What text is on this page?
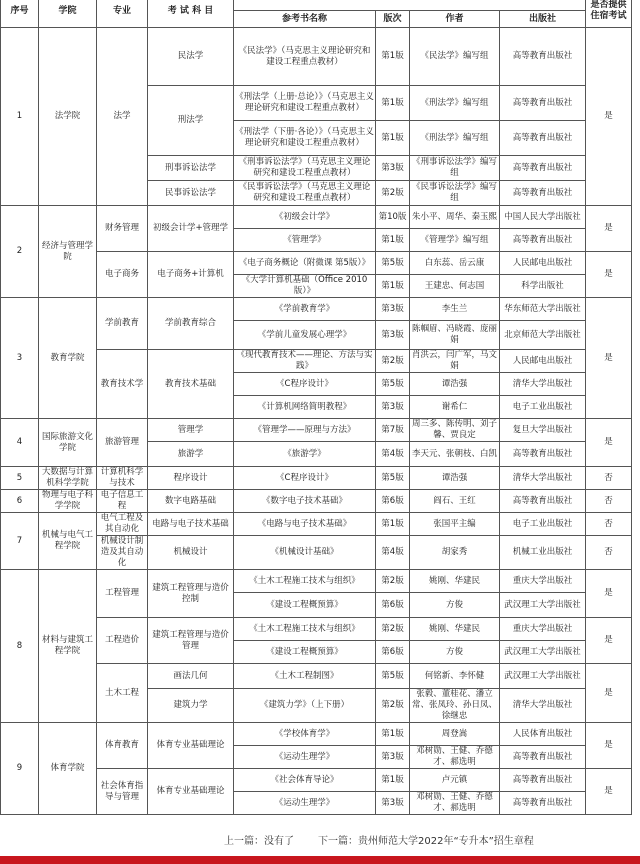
序号	学院	专业	考 试 科 目					是否提供住宿考试
				参考书名称	版次	作者	出版社	
1	法学院	法学	民法学	《民法学》（马克思主义理论研究和建设工程重点教材）	第1版	《民法学》编写组	高等教育出版社	是
			刑法学	《刑法学（上册·总论）》（马克思主义理论研究和建设工程重点教材）	第1版	《刑法学》编写组	高等教育出版社	
				《刑法学（下册·各论）》（马克思主义理论研究和建设工程重点教材）	第1版	《刑法学》编写组	高等教育出版社	
			刑事诉讼法学	《刑事诉讼法学》（马克思主义理论研究和建设工程重点教材）	第3版	《刑事诉讼法学》编写组	高等教育出版社	
			民事诉讼法学	《民事诉讼法学》（马克思主义理论研究和建设工程重点教材）	第2版	《民事诉讼法学》编写组	高等教育出版社	
2	经济与管理学院	财务管理	初级会计学+管理学	《初级会计学》	第10版	朱小平、周华、秦玉熙	中国人民大学出版社	是
				《管理学》	第1版	《管理学》编写组	高等教育出版社	
		电子商务	电子商务+计算机	《电子商务概论（附微课 第5版）》	第5版	白东蕊、岳云康	人民邮电出版社	是
				《大学计算机基础（Office 2010版）》	第1版	王建忠、何志国	科学出版社	
3	教育学院	学前教育	学前教育综合	《学前教育学》	第3版	李生兰	华东师范大学出版社	是
				《学前儿童发展心理学》	第3版	陈帼眉、冯晓霞、庞丽娟	北京师范大学出版社	
		教育技术学	教育技术基础	《现代教育技术——理论、方法与实践》	第2版	肖洪云，闫广军，马文娟	人民邮电出版社	
				《C程序设计》	第5版	谭浩强	清华大学出版社	
				《计算机网络简明教程》	第3版	谢希仁	电子工业出版社	
4	国际旅游文化学院	旅游管理	管理学	《管理学——原理与方法》	第7版	周三多、陈传明、刘子馨、贾良定	复旦大学出版社	是
			旅游学	《旅游学》	第4版	李天元、张朝枝、白凯	高等教育出版社	
5	大数据与计算机科学学院	计算机科学与技术	程序设计	《C程序设计》	第5版	谭浩强	清华大学出版社	否
6	物理与电子科学学院	电子信息工程	数字电路基础	《数字电子技术基础》	第6版	阎石、王红	高等教育出版社	否
7	机械与电气工程学院	电气工程及其自动化	电路与电子技术基础	《电路与电子技术基础》	第1版	张国平主编	电子工业出版社	否
		机械设计制造及其自动化	机械设计	《机械设计基础》	第4版	胡家秀	机械工业出版社	否
8	材料与建筑工程学院	工程管理	建筑工程管理与造价控制	《土木工程施工技术与组织》	第2版	姚刚、华建民	重庆大学出版社	是
				《建设工程概预算》	第6版	方俊	武汉理工大学出版社	
		工程造价	建筑工程管理与造价管理	《土木工程施工技术与组织》	第2版	姚刚、华建民	重庆大学出版社	是
				《建设工程概预算》	第6版	方俊	武汉理工大学出版社	
		土木工程	画法几何	《土木工程制图》	第5版	何铭新、李怀健	武汉理工大学出版社	是
			建筑力学	《建筑力学》（上下册）	第2版	张毅、董桂花、潘立常、张凤玲、孙日凤、徐继忠	清华大学出版社	
9	体育学院	体育教育	体育专业基础理论	《学校体育学》	第1版	周登嵩	人民体育出版社	是
				《运动生理学》	第3版	邓树勋、王健、乔德才、郝选明	高等教育出版社	
		社会体育指导与管理	体育专业基础理论	《社会体育导论》	第1版	卢元镇	高等教育出版社	是
				《运动生理学》	第3版	邓树勋、王健、乔德才、郝选明	高等教育出版社	
上一篇：没有了 下一篇：贵州师范大学2022年“专升本”招生章程
